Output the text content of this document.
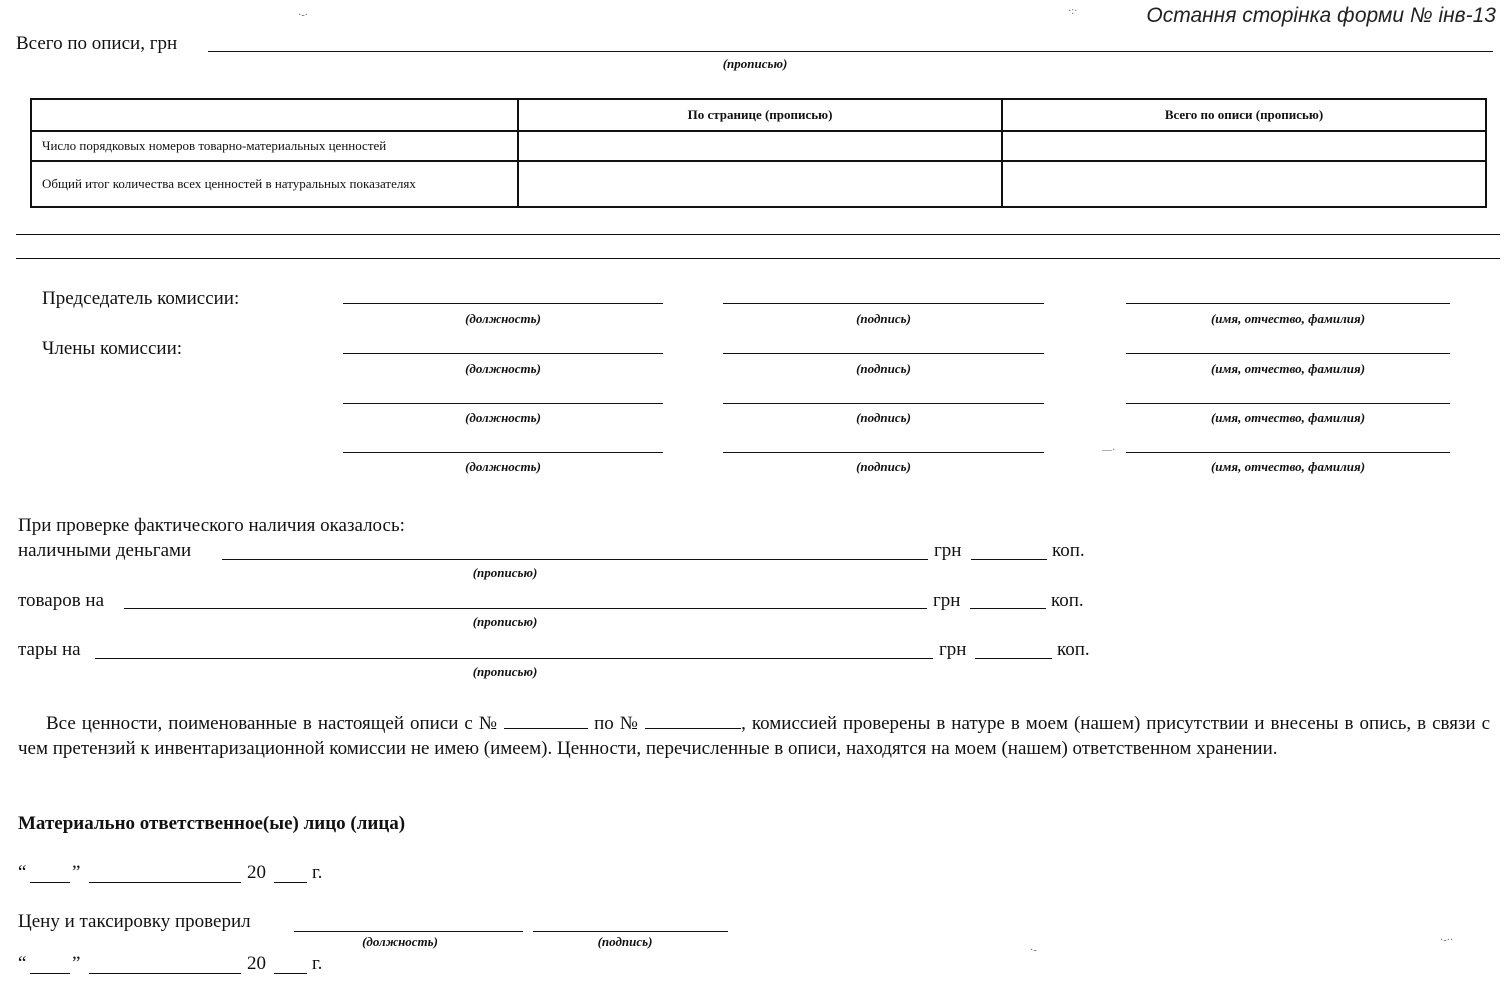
Остання сторінка форми № інв-13
Всего по описи, грн
(прописью)
	По странице (прописью)	Всего по описи (прописью)
Число порядковых номеров товарно-материальных ценностей		
Общий итог количества всех ценностей в натуральных показателях		
Председатель комиссии:
Члены комиссии:
(должность)	(подпись)	(имя, отчество, фамилия)
(должность)	(подпись)	(имя, отчество, фамилия)
(должность)	(подпись)	(имя, отчество, фамилия)
(должность)	(подпись)	(имя, отчество, фамилия)
При проверке фактического наличия оказалось:
наличными деньгами	грн	коп.
(прописью)
товаров на	грн	коп.
(прописью)
тары на	грн	коп.
(прописью)
Все ценности, поименованные в настоящей описи с №	по №	, комиссией проверены в натуре в моем (нашем) присутствии и внесены в опись, в связи с чем претензий к инвентаризационной комиссии не имею (имеем). Ценности, перечисленные в описи, находятся на моем (нашем) ответственном хранении.
Материально ответственное(ые) лицо (лица)
“ ”	20 г.
Цену и таксировку проверил
(должность)	(подпись)
“ ”	20 г.
·‐·	·:·
—·
·‐
·‐··
